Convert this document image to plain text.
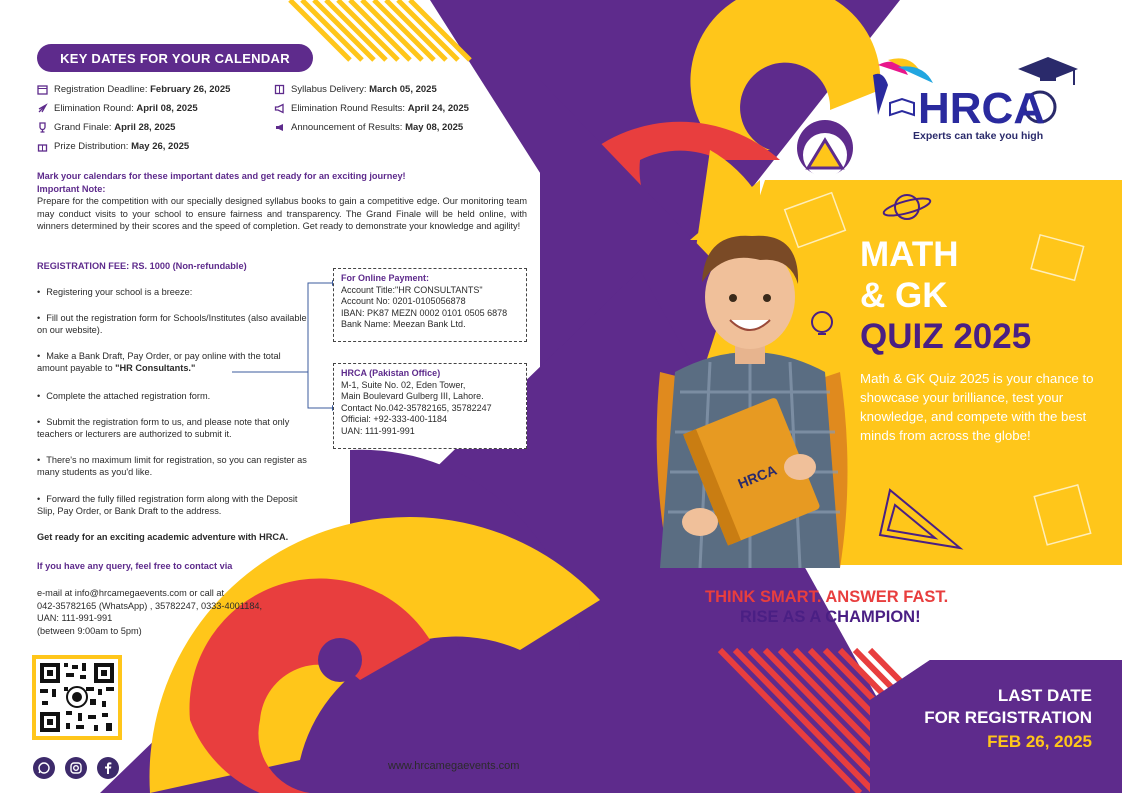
KEY DATES FOR YOUR CALENDAR
Registration Deadline: February 26, 2025
Elimination Round: April 08, 2025
Grand Finale: April 28, 2025
Prize Distribution: May 26, 2025
Syllabus Delivery: March 05, 2025
Elimination Round Results: April 24, 2025
Announcement of Results: May 08, 2025
Mark your calendars for these important dates and get ready for an exciting journey!
Important Note:
Prepare for the competition with our specially designed syllabus books to gain a competitive edge. Our monitoring team may conduct visits to your school to ensure fairness and transparency. The Grand Finale will be held online, with winners determined by their scores and the speed of completion. Get ready to demonstrate your knowledge and agility!
REGISTRATION FEE: RS. 1000 (Non-refundable)
• Registering your school is a breeze:
• Fill out the registration form for Schools/Institutes (also available on our website).
• Make a Bank Draft, Pay Order, or pay online with the total amount payable to "HR Consultants."
• Complete the attached registration form.
• Submit the registration form to us, and please note that only teachers or lecturers are authorized to submit it.
• There's no maximum limit for registration, so you can register as many students as you'd like.
• Forward the fully filled registration form along with the Deposit Slip, Pay Order, or Bank Draft to the address.
Get ready for an exciting academic adventure with HRCA.
If you have any query, feel free to contact via
e-mail at info@hrcamegaevents.com or call at
042-35782165 (WhatsApp) , 35782247, 0333-4001184,
UAN: 111-991-991
(between 9:00am to 5pm)
For Online Payment:
Account Title:"HR CONSULTANTS"
Account No: 0201-0105056878
IBAN: PK87 MEZN 0002 0101 0505 6878
Bank Name: Meezan Bank Ltd.
HRCA (Pakistan Office)
M-1, Suite No. 02, Eden Tower,
Main Boulevard Gulberg III, Lahore.
Contact No.042-35782165, 35782247
Official: +92-333-400-1184
UAN: 111-991-991
www.hrcamegaevents.com
HRCA
Experts can take you high
HRCA
MATH
& GK
QUIZ 2025
Math & GK Quiz 2025 is your chance to showcase your brilliance, test your knowledge, and compete with the best minds from across the globe!
THINK SMART. ANSWER FAST.
RISE AS A CHAMPION!
LAST DATE
FOR REGISTRATION
FEB 26, 2025
